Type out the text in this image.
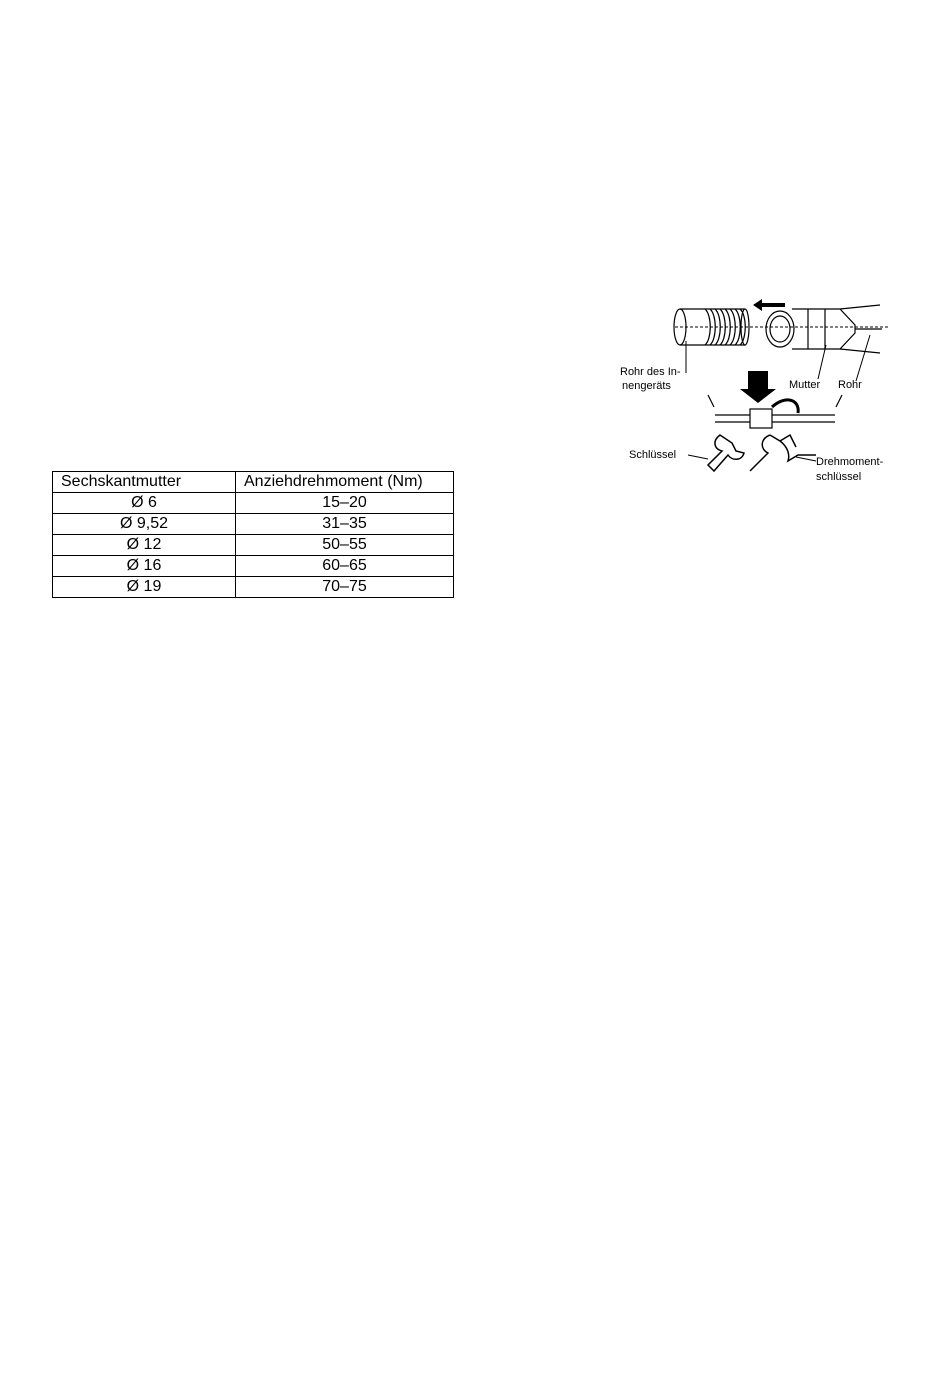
Sechskantmutter	Anziehdrehmoment (Nm)
Ø 6	15–20
Ø 9,52	31–35
Ø 12	50–55
Ø 16	60–65
Ø 19	70–75
Rohr des In-
nengeräts	Mutter Rohr
Schlüssel
Drehmoment-
schlüssel
